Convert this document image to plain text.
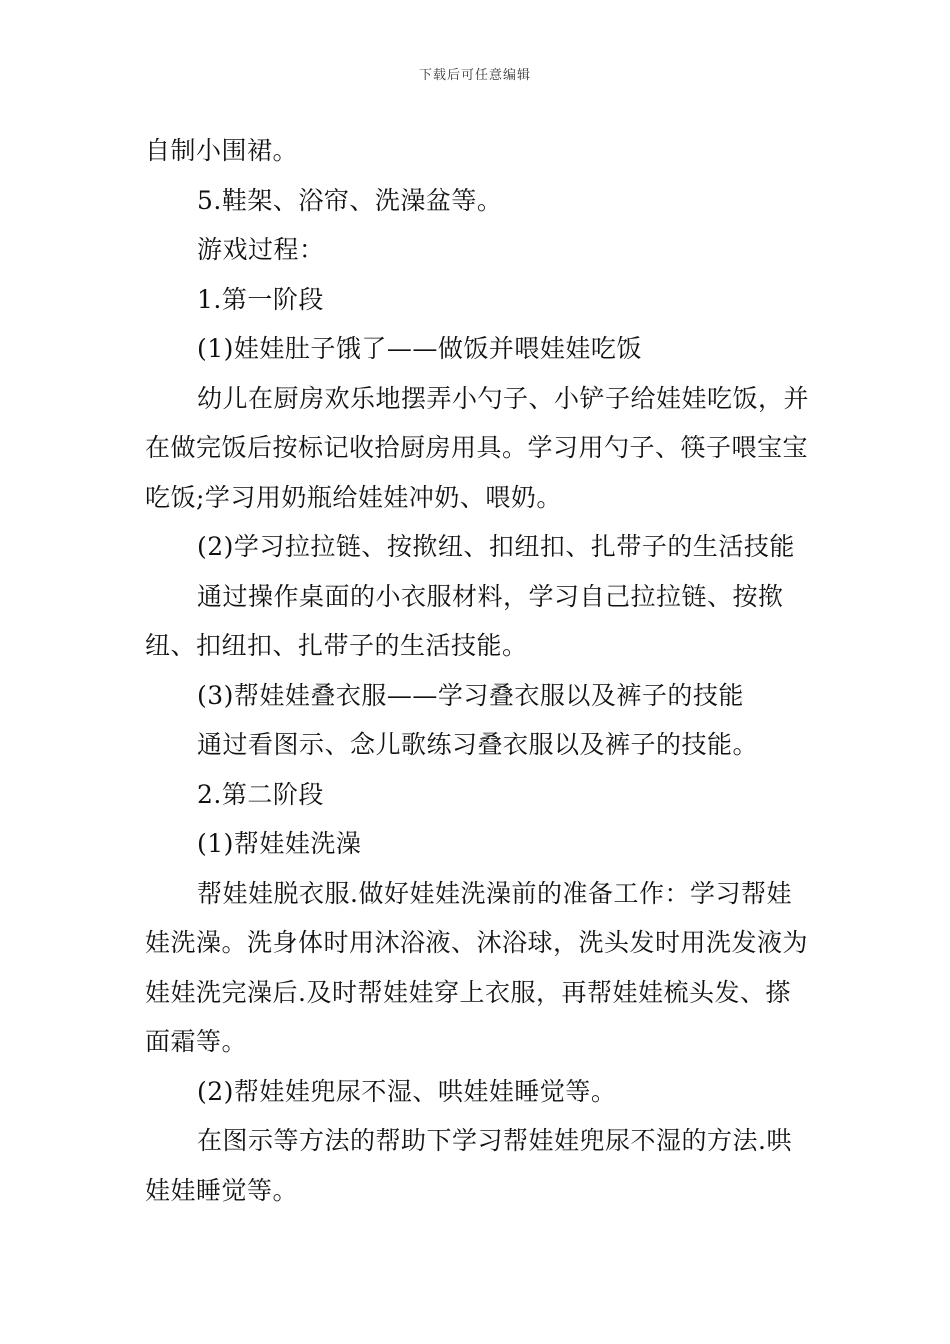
下载后可任意编辑

自制小围裙。

5.鞋架、浴帘、洗澡盆等。

游戏过程：

1.第一阶段

(1)娃娃肚子饿了——做饭并喂娃娃吃饭

幼儿在厨房欢乐地摆弄小勺子、小铲子给娃娃吃饭，并在做完饭后按标记收拾厨房用具。学习用勺子、筷子喂宝宝吃饭;学习用奶瓶给娃娃冲奶、喂奶。

(2)学习拉拉链、按揿纽、扣纽扣、扎带子的生活技能

通过操作桌面的小衣服材料，学习自己拉拉链、按揿纽、扣纽扣、扎带子的生活技能。

(3)帮娃娃叠衣服——学习叠衣服以及裤子的技能

通过看图示、念儿歌练习叠衣服以及裤子的技能。

2.第二阶段

(1)帮娃娃洗澡

帮娃娃脱衣服.做好娃娃洗澡前的准备工作：学习帮娃娃洗澡。洗身体时用沐浴液、沐浴球，洗头发时用洗发液为娃娃洗完澡后.及时帮娃娃穿上衣服，再帮娃娃梳头发、搽面霜等。

(2)帮娃娃兜尿不湿、哄娃娃睡觉等。

在图示等方法的帮助下学习帮娃娃兜尿不湿的方法.哄娃娃睡觉等。
